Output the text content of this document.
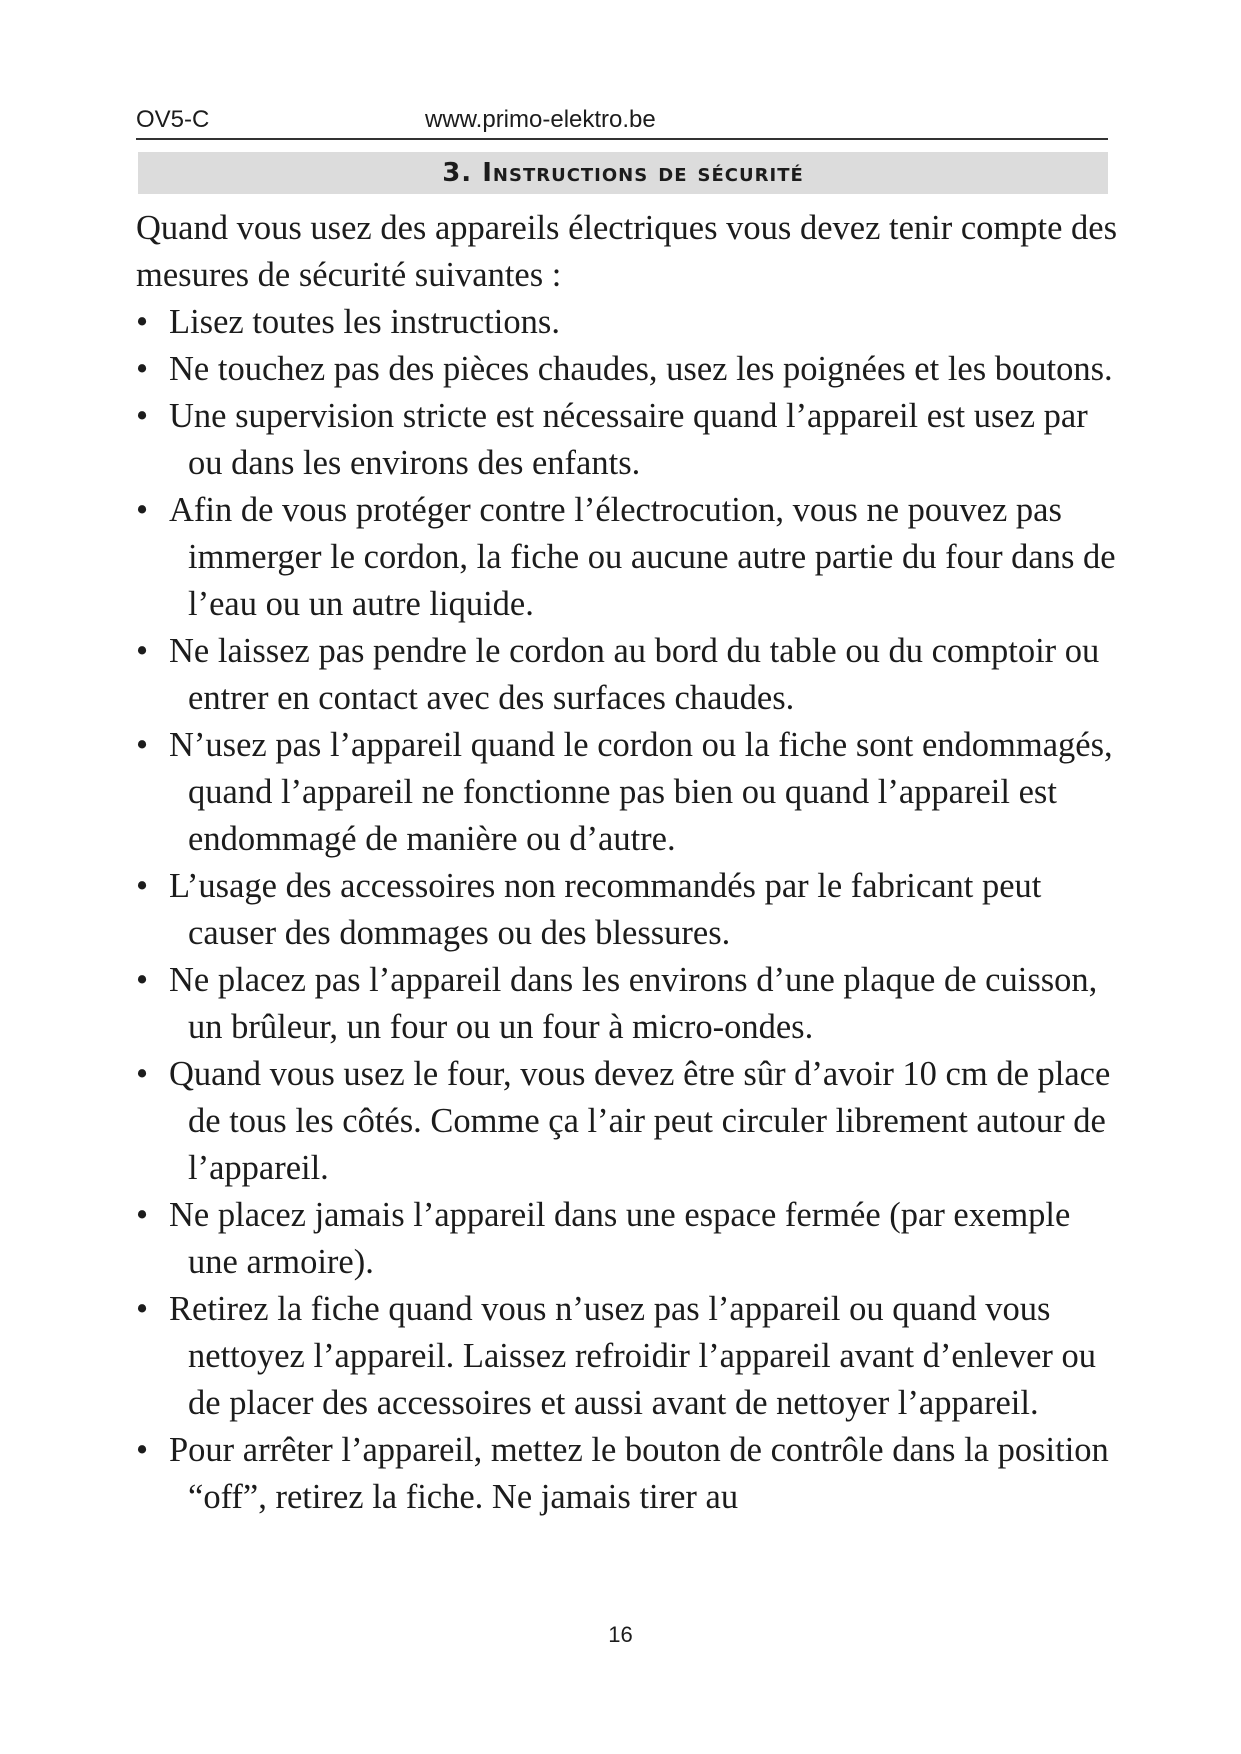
OV5-C	www.primo-elektro.be
3. Instructions de sécurité

Quand vous usez des appareils électriques vous devez tenir compte des mesures de sécurité suivantes :

• Lisez toutes les instructions.
• Ne touchez pas des pièces chaudes, usez les poignées et les boutons.
• Une supervision stricte est nécessaire quand l’appareil est usez par ou dans les environs des enfants.
• Afin de vous protéger contre l’électrocution, vous ne pouvez pas immerger le cordon, la fiche ou aucune autre partie du four dans de l’eau ou un autre liquide.
• Ne laissez pas pendre le cordon au bord du table ou du comptoir ou entrer en contact avec des surfaces chaudes.
• N’usez pas l’appareil quand le cordon ou la fiche sont endommagés, quand l’appareil ne fonctionne pas bien ou quand l’appareil est endommagé de manière ou d’autre.
• L’usage des accessoires non recommandés par le fabricant peut causer des dommages ou des blessures.
• Ne placez pas l’appareil dans les environs d’une plaque de cuisson, un brûleur, un four ou un four à micro-ondes.
• Quand vous usez le four, vous devez être sûr d’avoir 10 cm de place de tous les côtés. Comme ça l’air peut circuler librement autour de l’appareil.
• Ne placez jamais l’appareil dans une espace fermée (par exemple une armoire).
• Retirez la fiche quand vous n’usez pas l’appareil ou quand vous nettoyez l’appareil. Laissez refroidir l’appareil avant d’enlever ou de placer des accessoires et aussi avant de nettoyer l’appareil.
• Pour arrêter l’appareil, mettez le bouton de contrôle dans la position “off”, retirez la fiche. Ne jamais tirer au
16
